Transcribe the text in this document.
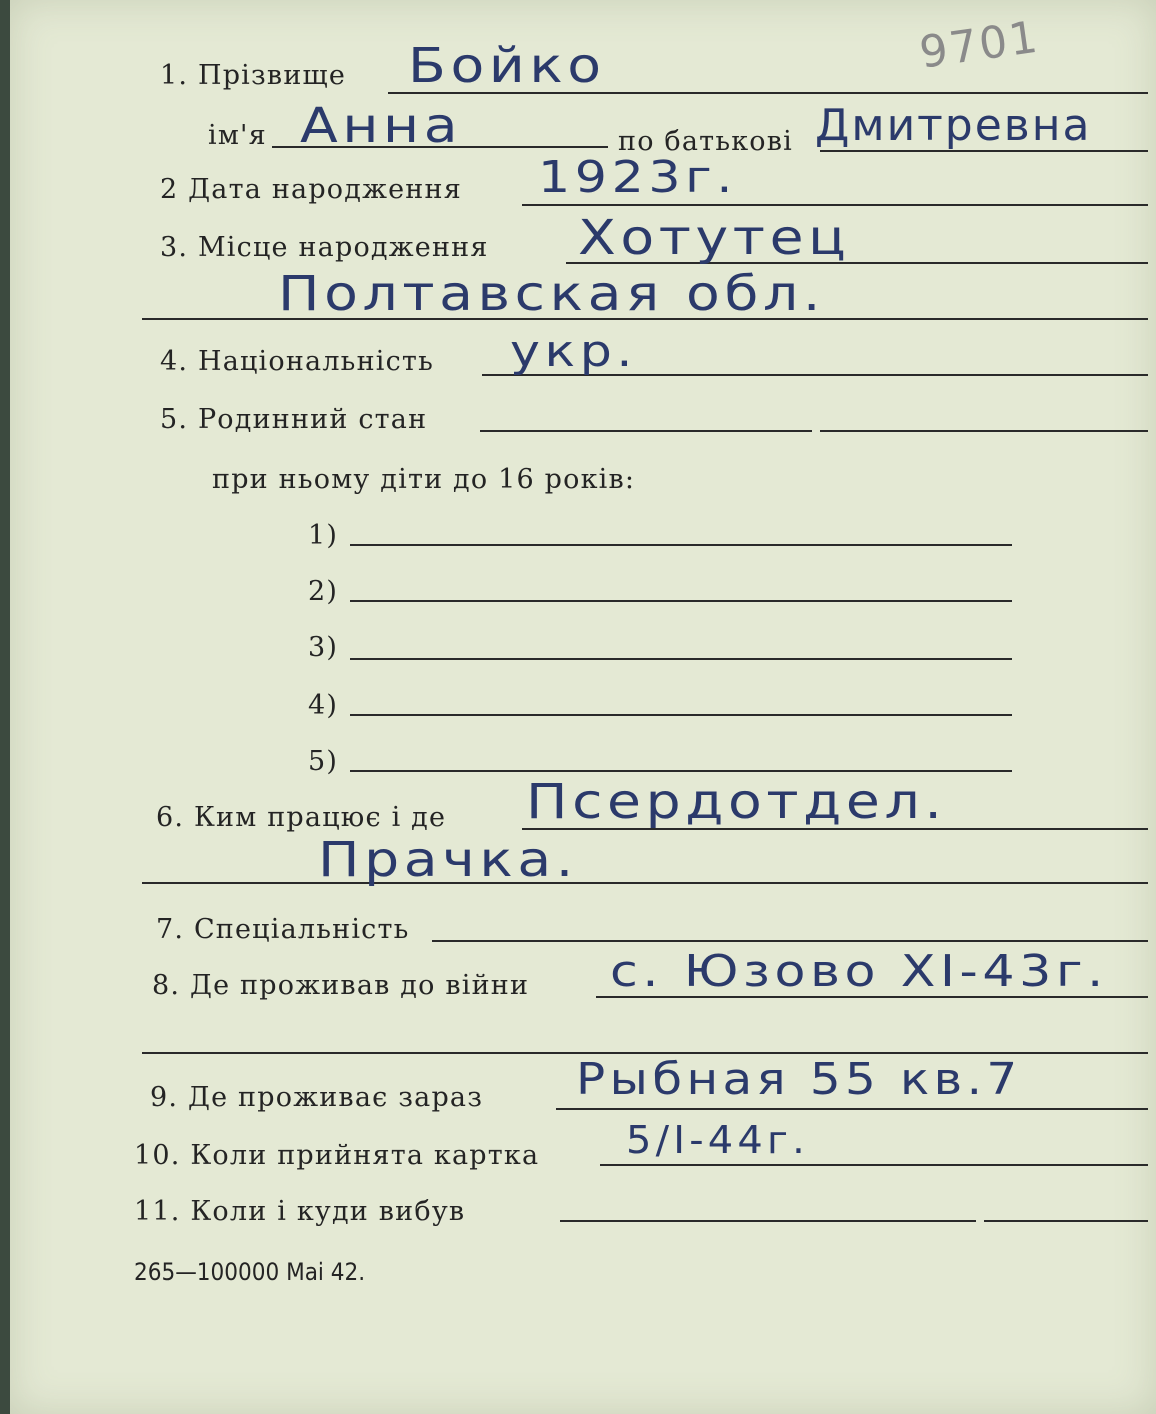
9701
1. Прізвище Бойко
ім'я Анна	по батькові Дмитревна
2 Дата народження 1923г.
3. Місце народження Хотутец
Полтавская обл.
4. Національність укр.
5. Родинний стан
при ньому діти до 16 років:
1)
2)
3)
4)
5)
6. Ким працює і де Псердотдел.
Прачка.
7. Спеціальність
8. Де проживав до війни с. Юзово XI-43г.
9. Де проживає зараз Рыбная 55 кв.7
10. Коли прийнята картка 5/I-44г.
11. Коли і куди вибув
265—100000 Маі 42.
